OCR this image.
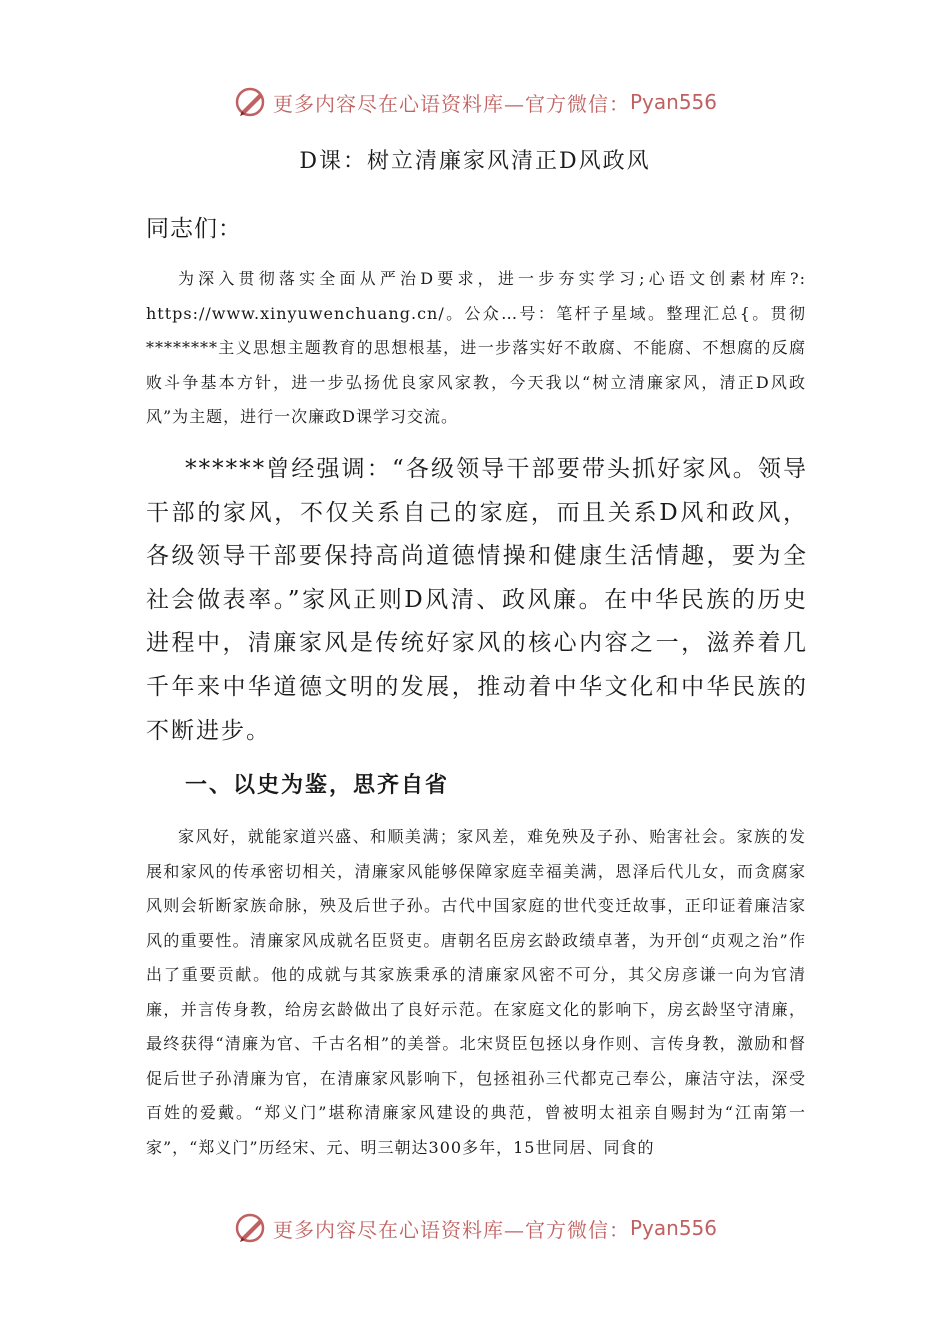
更多内容尽在心语资料库—官方微信： Pyan556
D课：树立清廉家风清正D风政风
同志们：

为深入贯彻落实全面从严治D要求，进一步夯实学习;心语文创素材库?: https://www.xinyuwenchuang.cn/。公众…号：笔杆子星域。整理汇总{。贯彻********主义思想主题教育的思想根基，进一步落实好不敢腐、不能腐、不想腐的反腐败斗争基本方针，进一步弘扬优良家风家教，今天我以“树立清廉家风，清正D风政风”为主题，进行一次廉政D课学习交流。

******曾经强调：“各级领导干部要带头抓好家风。领导干部的家风，不仅关系自己的家庭，而且关系D风和政风，各级领导干部要保持高尚道德情操和健康生活情趣，要为全社会做表率。”家风正则D风清、政风廉。在中华民族的历史进程中，清廉家风是传统好家风的核心内容之一，滋养着几千年来中华道德文明的发展，推动着中华文化和中华民族的不断进步。

一、以史为鉴，思齐自省

家风好，就能家道兴盛、和顺美满；家风差，难免殃及子孙、贻害社会。家族的发展和家风的传承密切相关，清廉家风能够保障家庭幸福美满，恩泽后代儿女，而贪腐家风则会斩断家族命脉，殃及后世子孙。古代中国家庭的世代变迁故事，正印证着廉洁家风的重要性。清廉家风成就名臣贤吏。唐朝名臣房玄龄政绩卓著，为开创“贞观之治”作出了重要贡献。他的成就与其家族秉承的清廉家风密不可分，其父房彦谦一向为官清廉，并言传身教，给房玄龄做出了良好示范。在家庭文化的影响下，房玄龄坚守清廉，最终获得“清廉为官、千古名相”的美誉。北宋贤臣包拯以身作则、言传身教，激励和督促后世子孙清廉为官，在清廉家风影响下，包拯祖孙三代都克己奉公，廉洁守法，深受百姓的爱戴。“郑义门”堪称清廉家风建设的典范，曾被明太祖亲自赐封为“江南第一家”，“郑义门”历经宋、元、明三朝达300多年，15世同居、同食的

更多内容尽在心语资料库—官方微信： Pyan556
